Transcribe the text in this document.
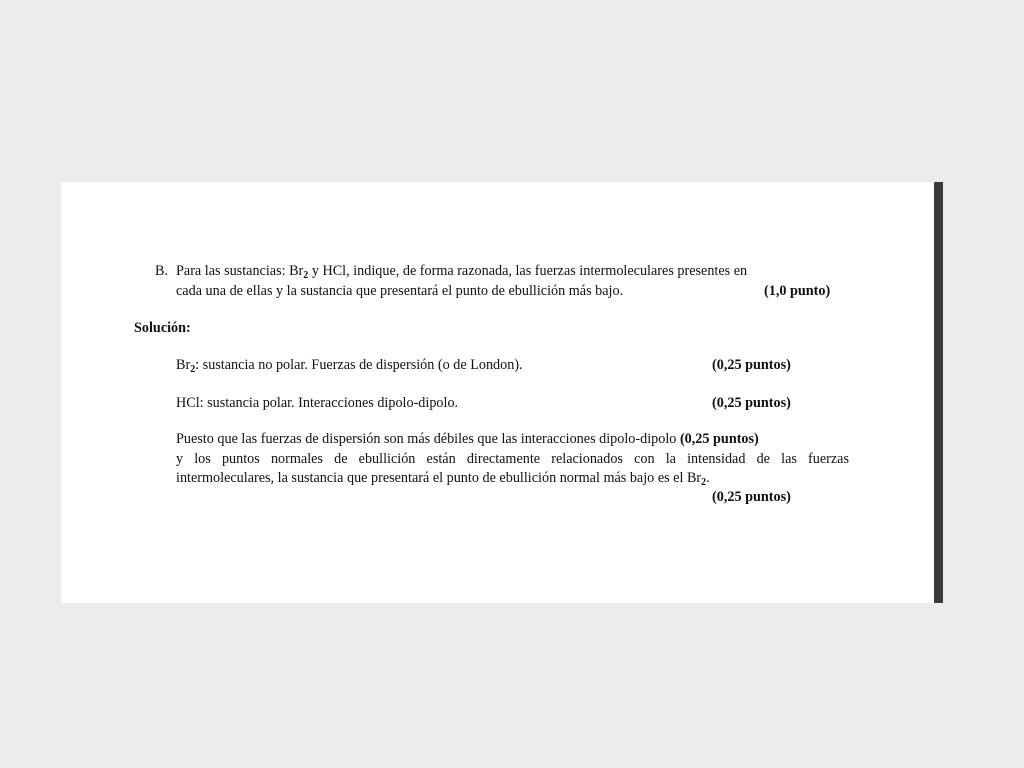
B. Para las sustancias: $Br_2$ y HCl, indique, de forma razonada, las fuerzas intermoleculares presentes en
cada una de ellas y la sustancia que presentará el punto de ebullición más bajo.	(1,0 punto)
Solución:
$Br_2$: sustancia no polar. Fuerzas de dispersión (o de London).	(0,25 puntos)
HCl: sustancia polar. Interacciones dipolo-dipolo.	(0,25 puntos)
Puesto que las fuerzas de dispersión son más débiles que las interacciones dipolo-dipolo (0,25 puntos)
y los puntos normales de ebullición están directamente relacionados con la intensidad de las fuerzas
intermoleculares, la sustancia que presentará el punto de ebullición normal más bajo es el $Br_2$.
(0,25 puntos)
